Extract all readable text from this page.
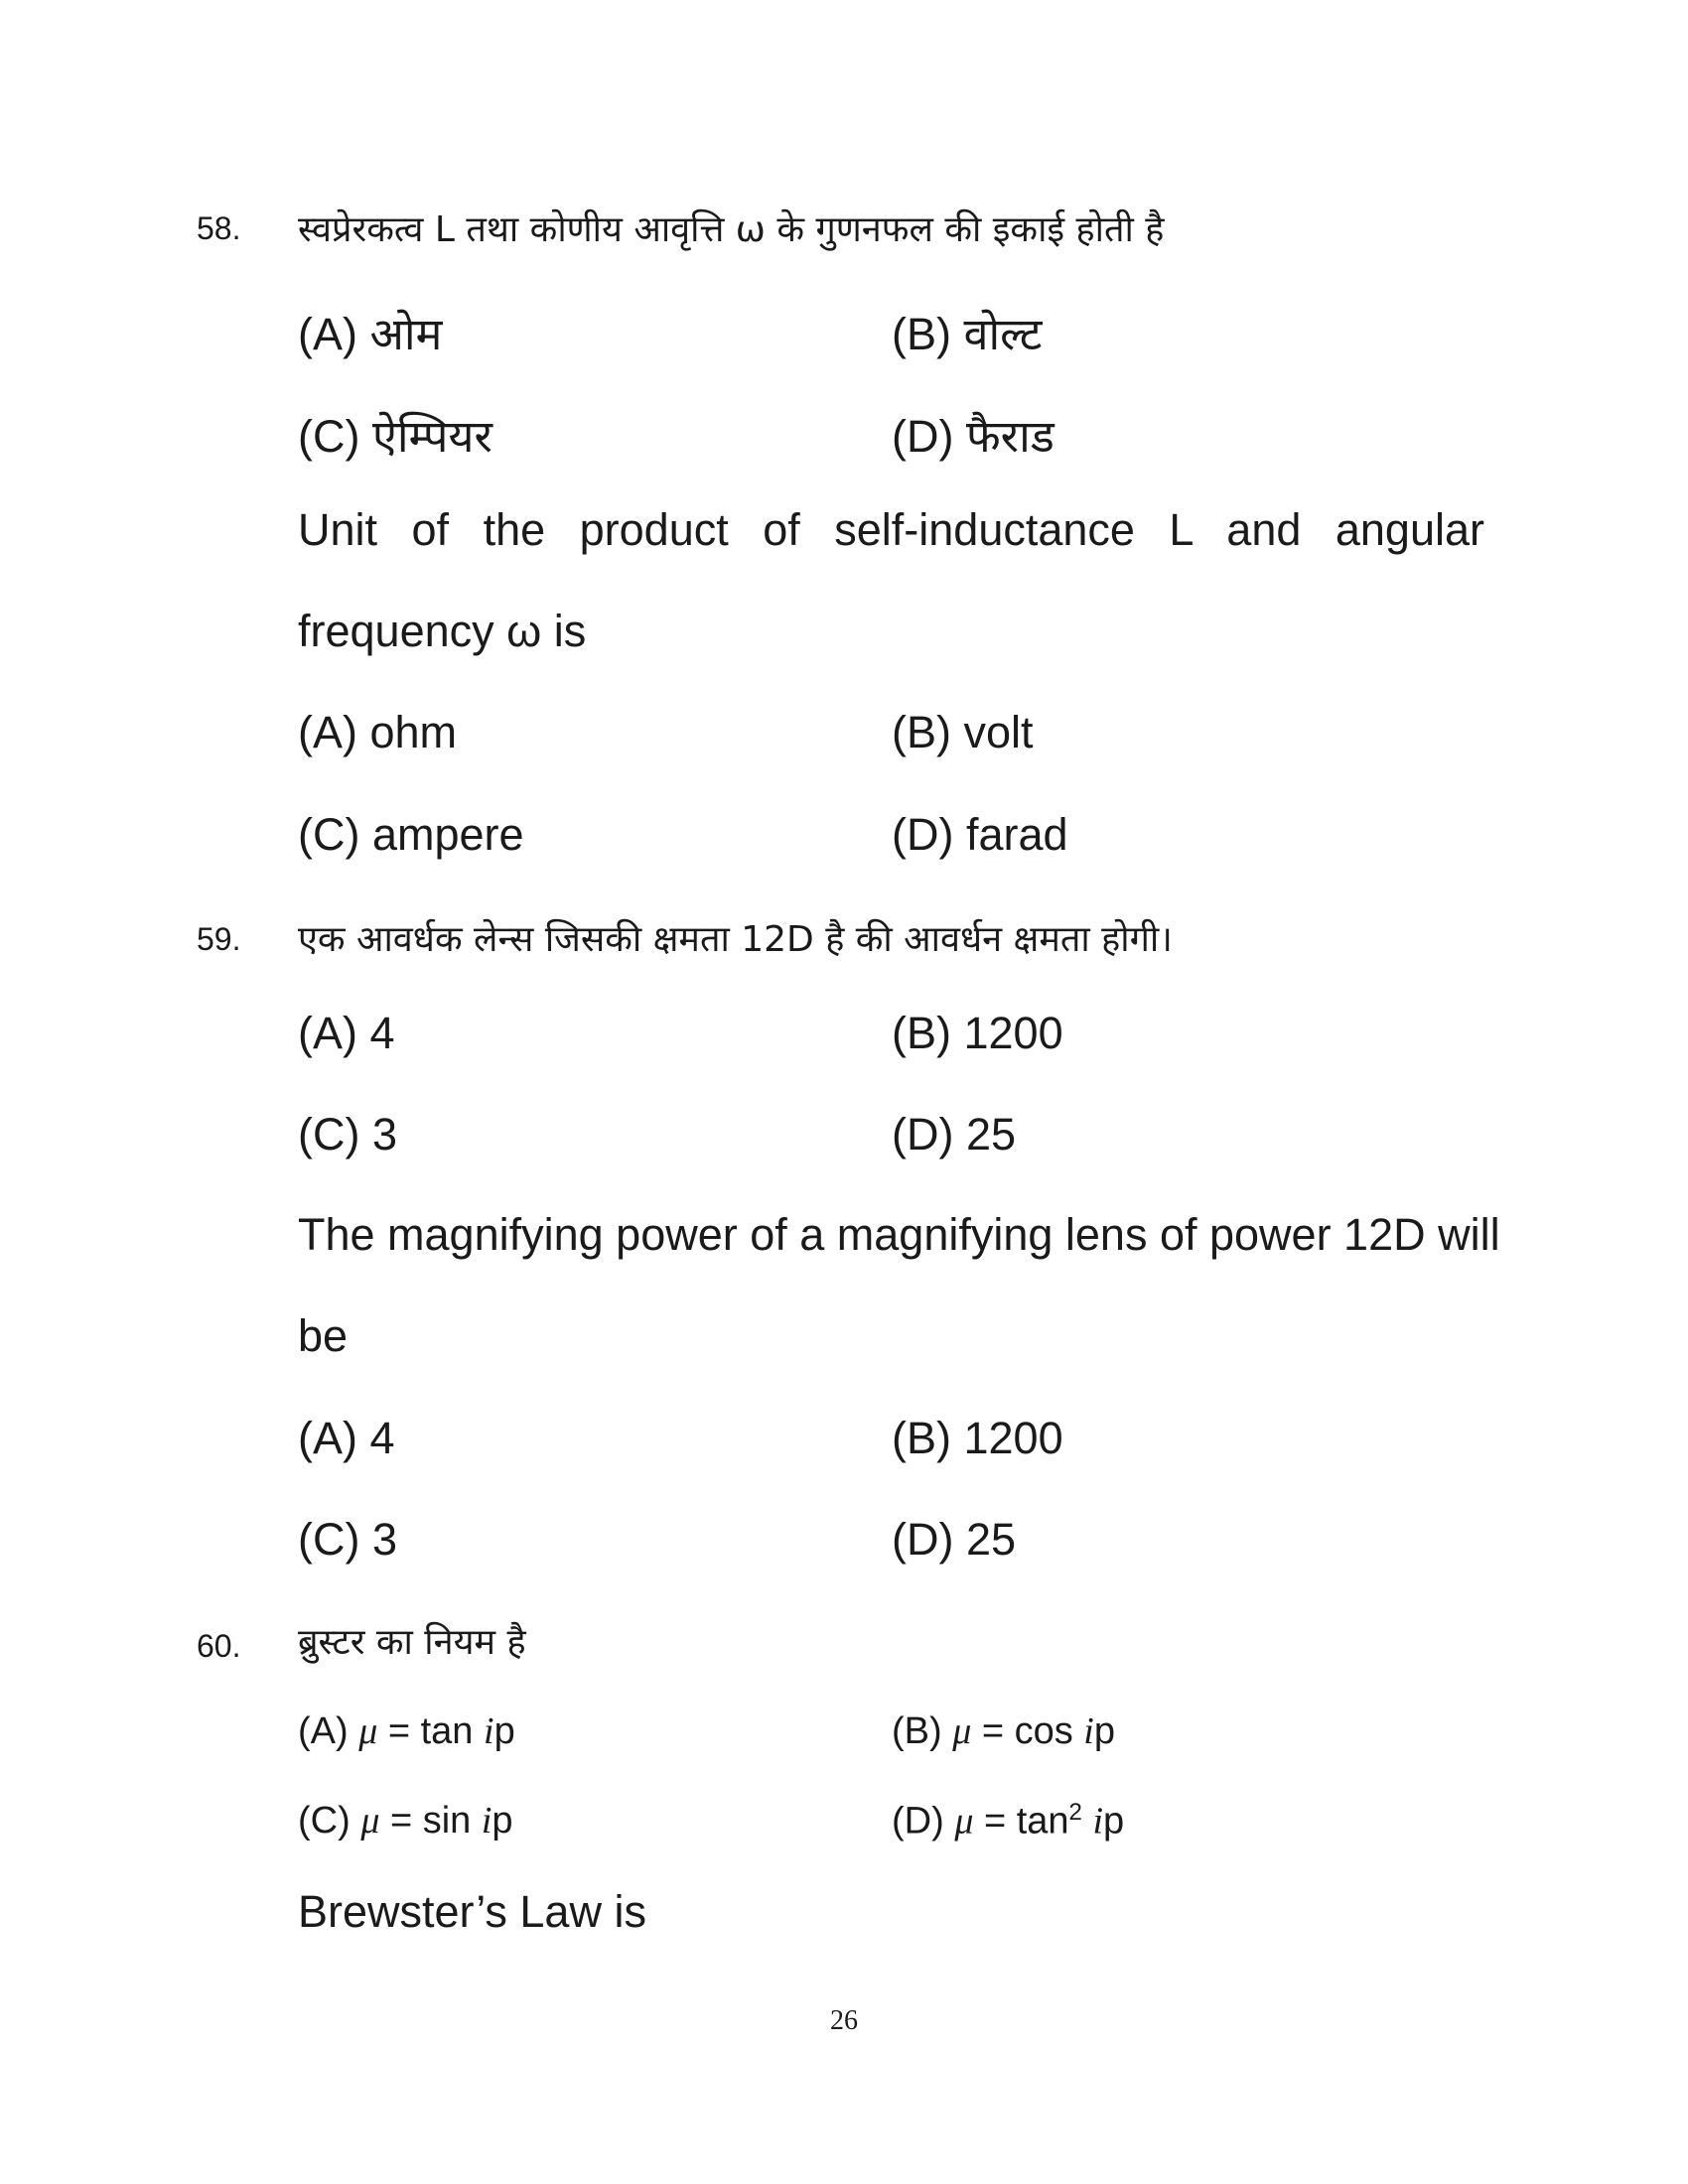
58. स्वप्रेरकत्व L तथा कोणीय आवृत्ति ω के गुणनफल की इकाई होती है
(A) ओम	(B) वोल्ट
(C) ऐम्पियर	(D) फैराड
Unit of the product of self-inductance L and angular
frequency ω is
(A) ohm	(B) volt
(C) ampere	(D) farad
59. एक आवर्धक लेन्स जिसकी क्षमता 12D है की आवर्धन क्षमता होगी।
(A) 4	(B) 1200
(C) 3	(D) 25
The magnifying power of a magnifying lens of power 12D will
be
(A) 4	(B) 1200
(C) 3	(D) 25
60. ब्रुस्टर का नियम है
(A) μ = tan ip	(B) μ = cos ip
(C) μ = sin ip	(D) $\mu = \tan^2$ ip
Brewster’s Law is
26
